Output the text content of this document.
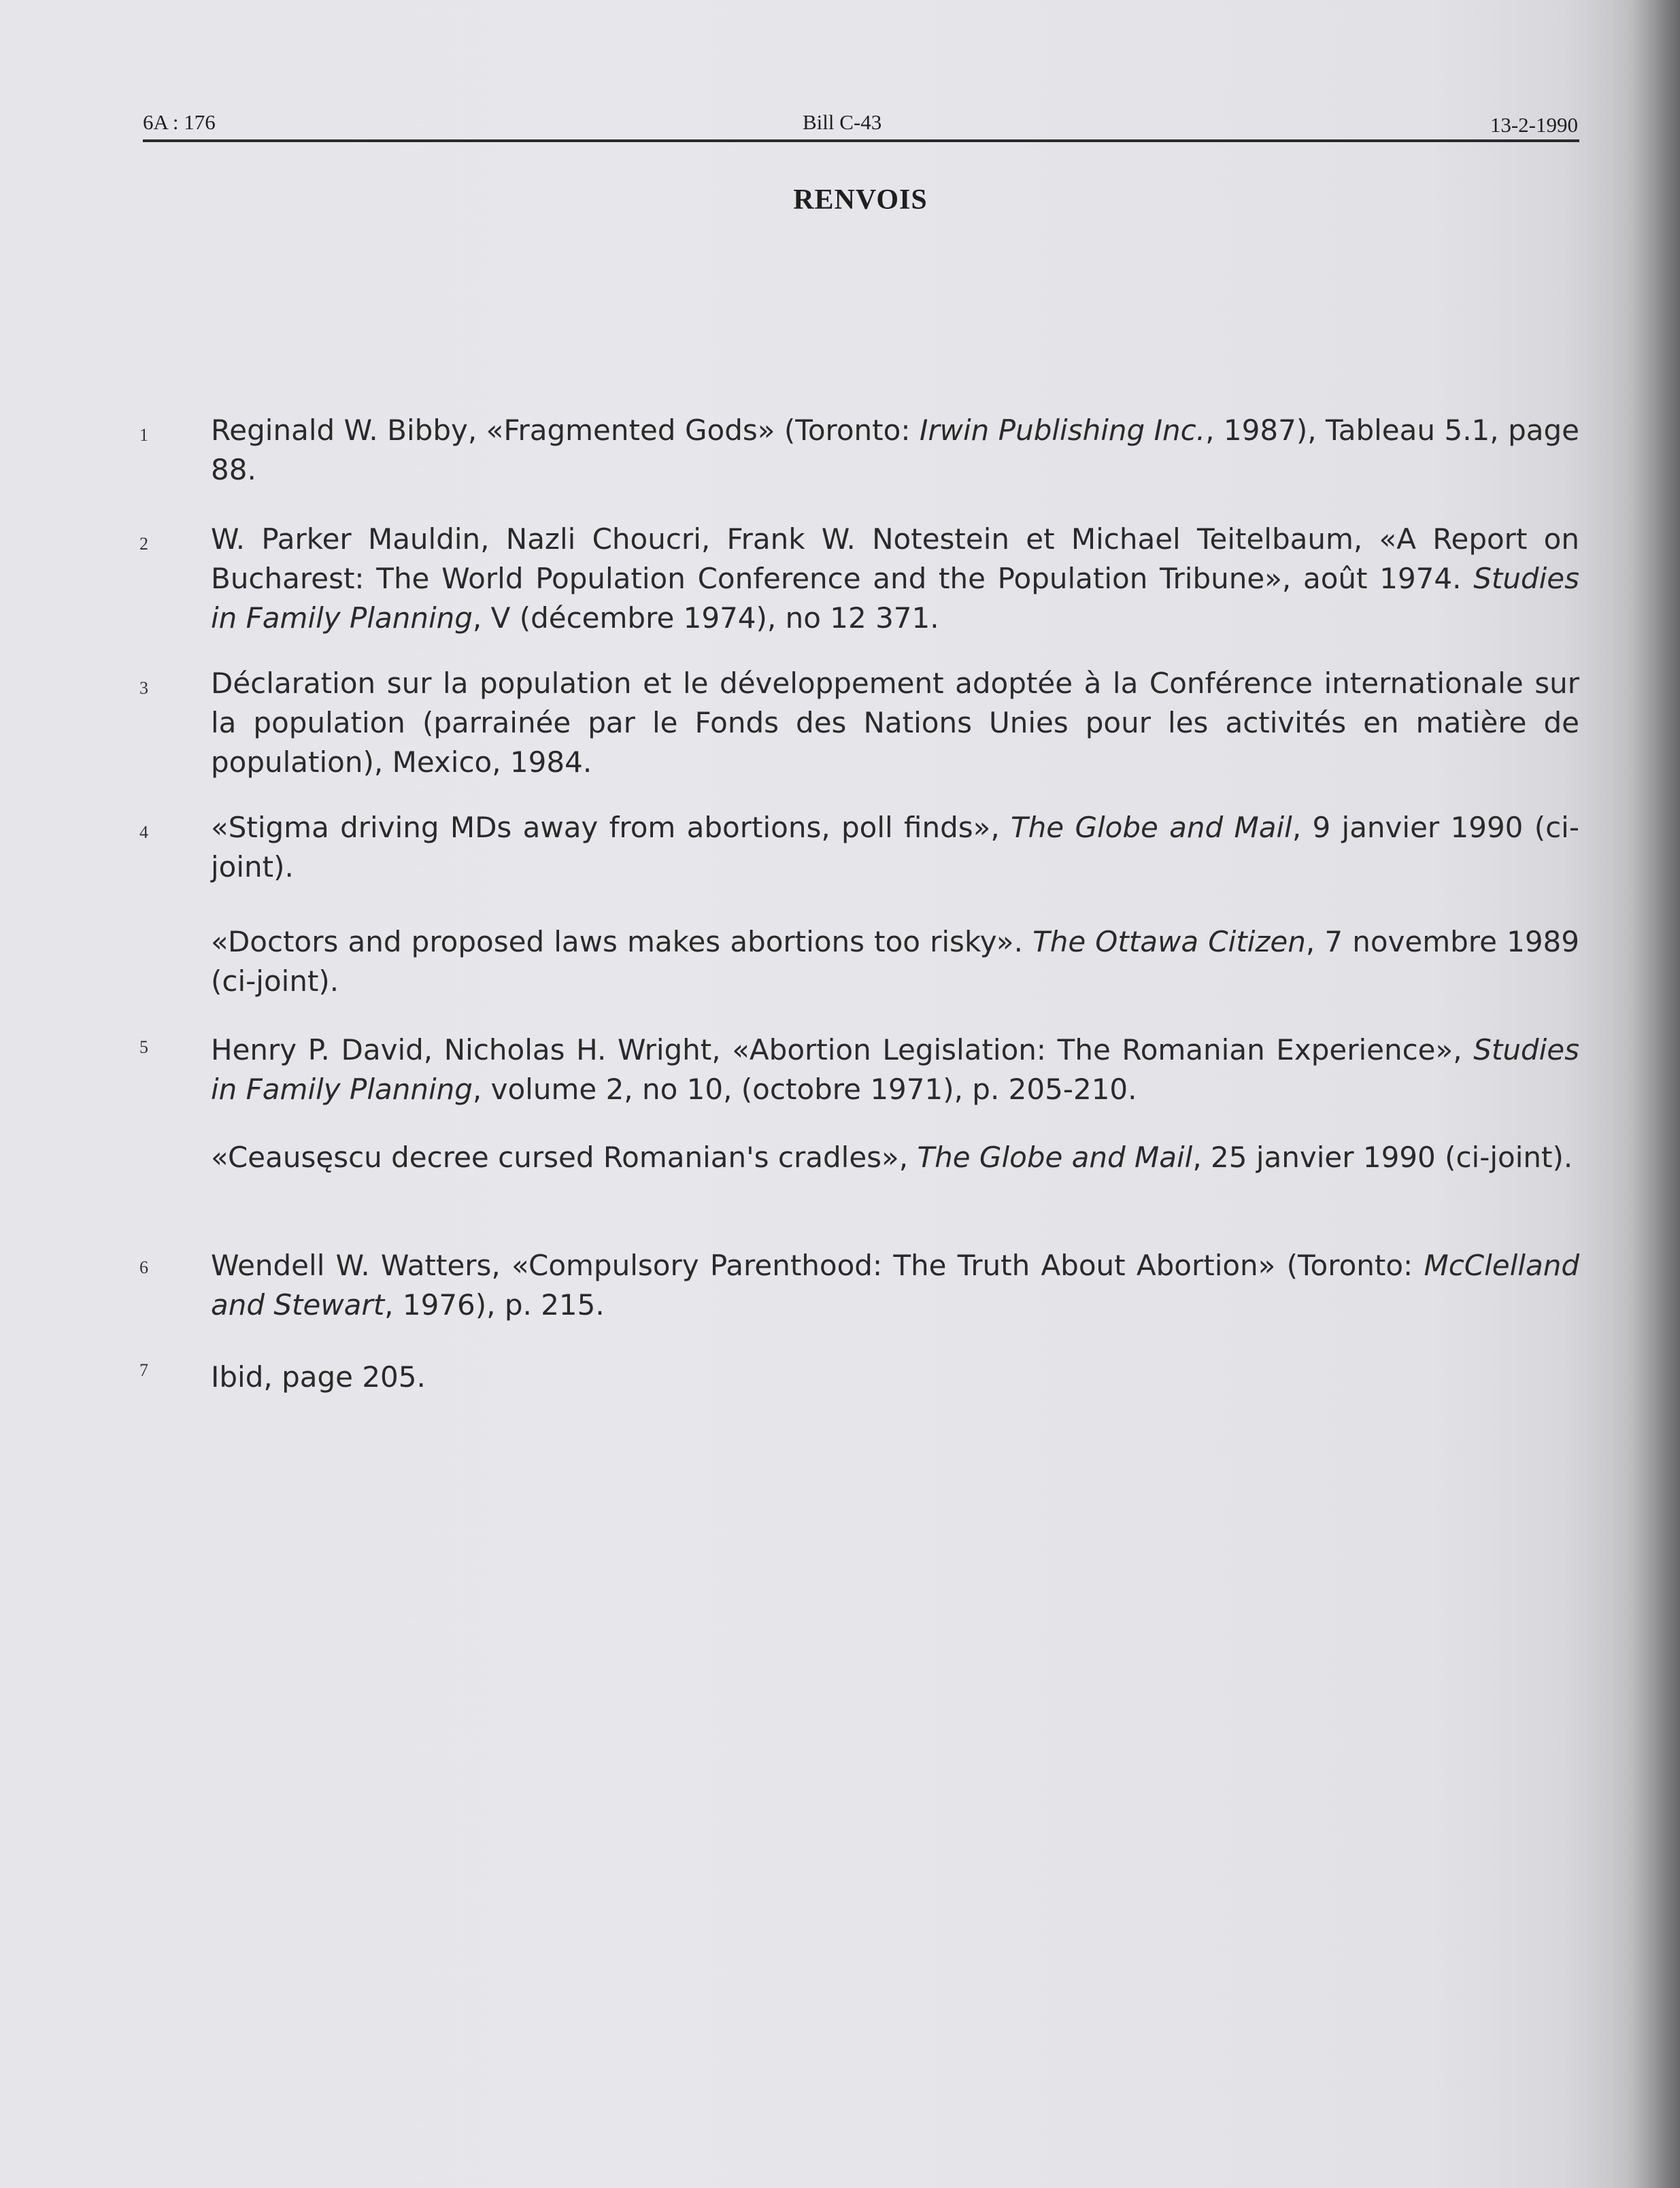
6A : 176	Bill C-43	13-2-1990
RENVOIS
1 Reginald W. Bibby, «Fragmented Gods» (Toronto: Irwin Publishing Inc., 1987), Tableau 5.1, page 88.

2 W. Parker Mauldin, Nazli Choucri, Frank W. Notestein et Michael Teitelbaum, «A Report on Bucharest: The World Population Conference and the Population Tribune», août 1974. Studies in Family Planning, V (décembre 1974), no 12 371.

3 Déclaration sur la population et le développement adoptée à la Conférence internationale sur la population (parrainée par le Fonds des Nations Unies pour les activités en matière de population), Mexico, 1984.

4 «Stigma driving MDs away from abortions, poll finds», The Globe and Mail, 9 janvier 1990 (ci-joint).

«Doctors and proposed laws makes abortions too risky». The Ottawa Citizen, 7 novembre 1989 (ci-joint).

5 Henry P. David, Nicholas H. Wright, «Abortion Legislation: The Romanian Experience», Studies in Family Planning, volume 2, no 10, (octobre 1971), p. 205-210.

«Ceausęscu decree cursed Romanian's cradles», The Globe and Mail, 25 janvier 1990 (ci-joint).

6 Wendell W. Watters, «Compulsory Parenthood: The Truth About Abortion» (Toronto: McClelland and Stewart, 1976), p. 215.

7 Ibid, page 205.
